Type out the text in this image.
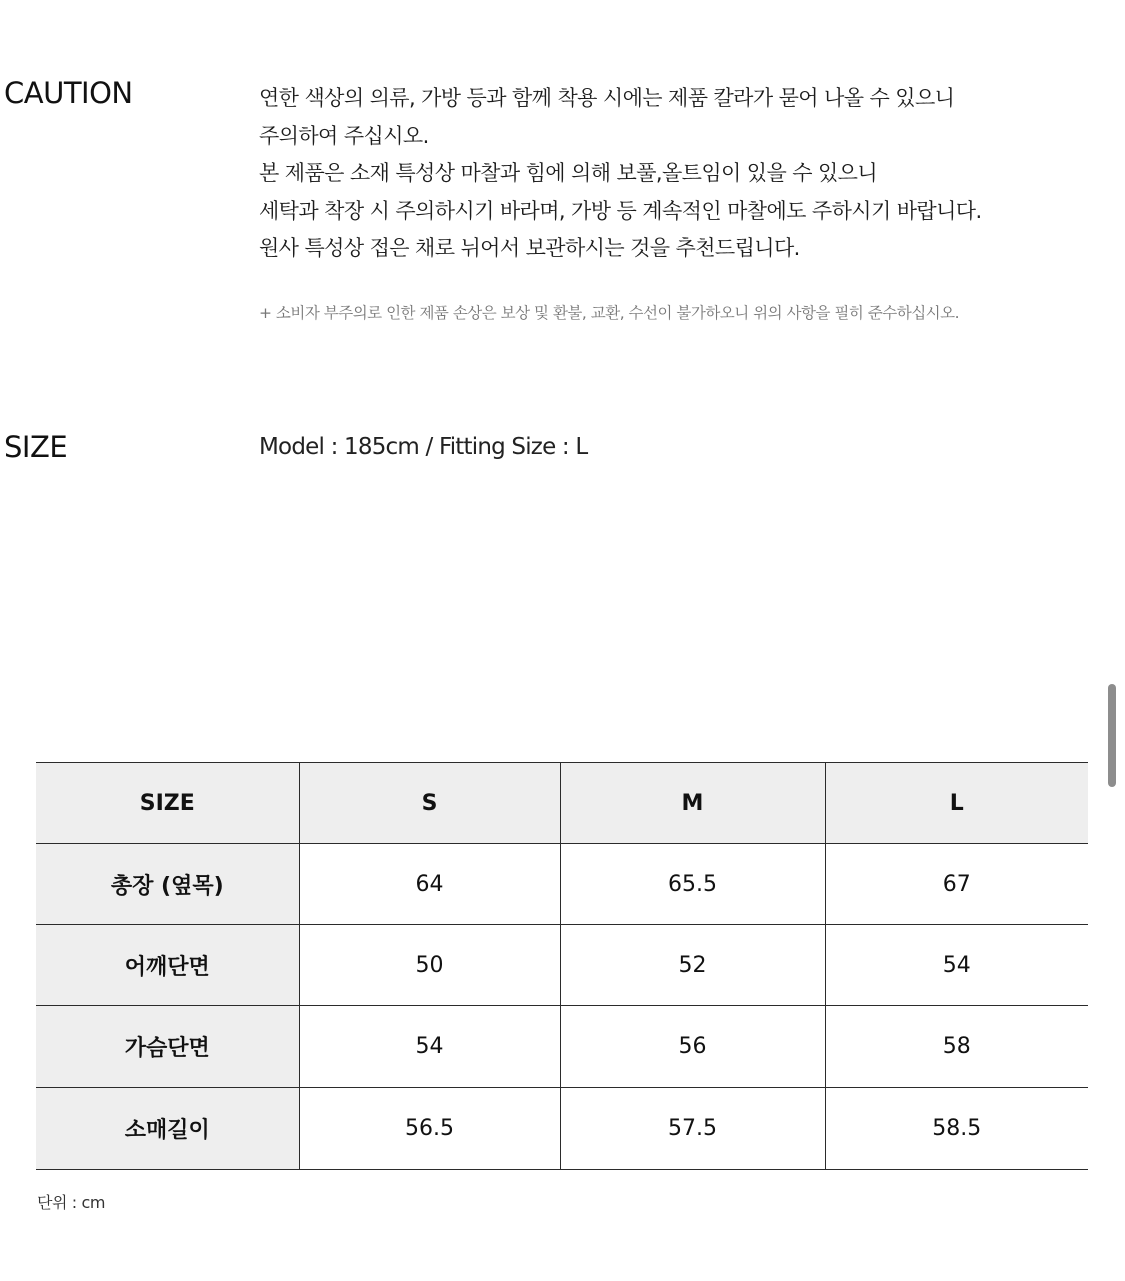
CAUTION	연한 색상의 의류, 가방 등과 함께 착용 시에는 제품 칼라가 묻어 나올 수 있으니
주의하여 주십시오.
본 제품은 소재 특성상 마찰과 힘에 의해 보풀,올트임이 있을 수 있으니
세탁과 착장 시 주의하시기 바라며, 가방 등 계속적인 마찰에도 주하시기 바랍니다.
원사 특성상 접은 채로 뉘어서 보관하시는 것을 추천드립니다.
+ 소비자 부주의로 인한 제품 손상은 보상 및 환불, 교환, 수선이 불가하오니 위의 사항을 필히 준수하십시오.
SIZE	Model : 185cm / Fitting Size : L
SIZE	S	M	L
총장 (옆목)	64	65.5	67
어깨단면	50	52	54
가슴단면	54	56	58
소매길이	56.5	57.5	58.5
단위 : cm
